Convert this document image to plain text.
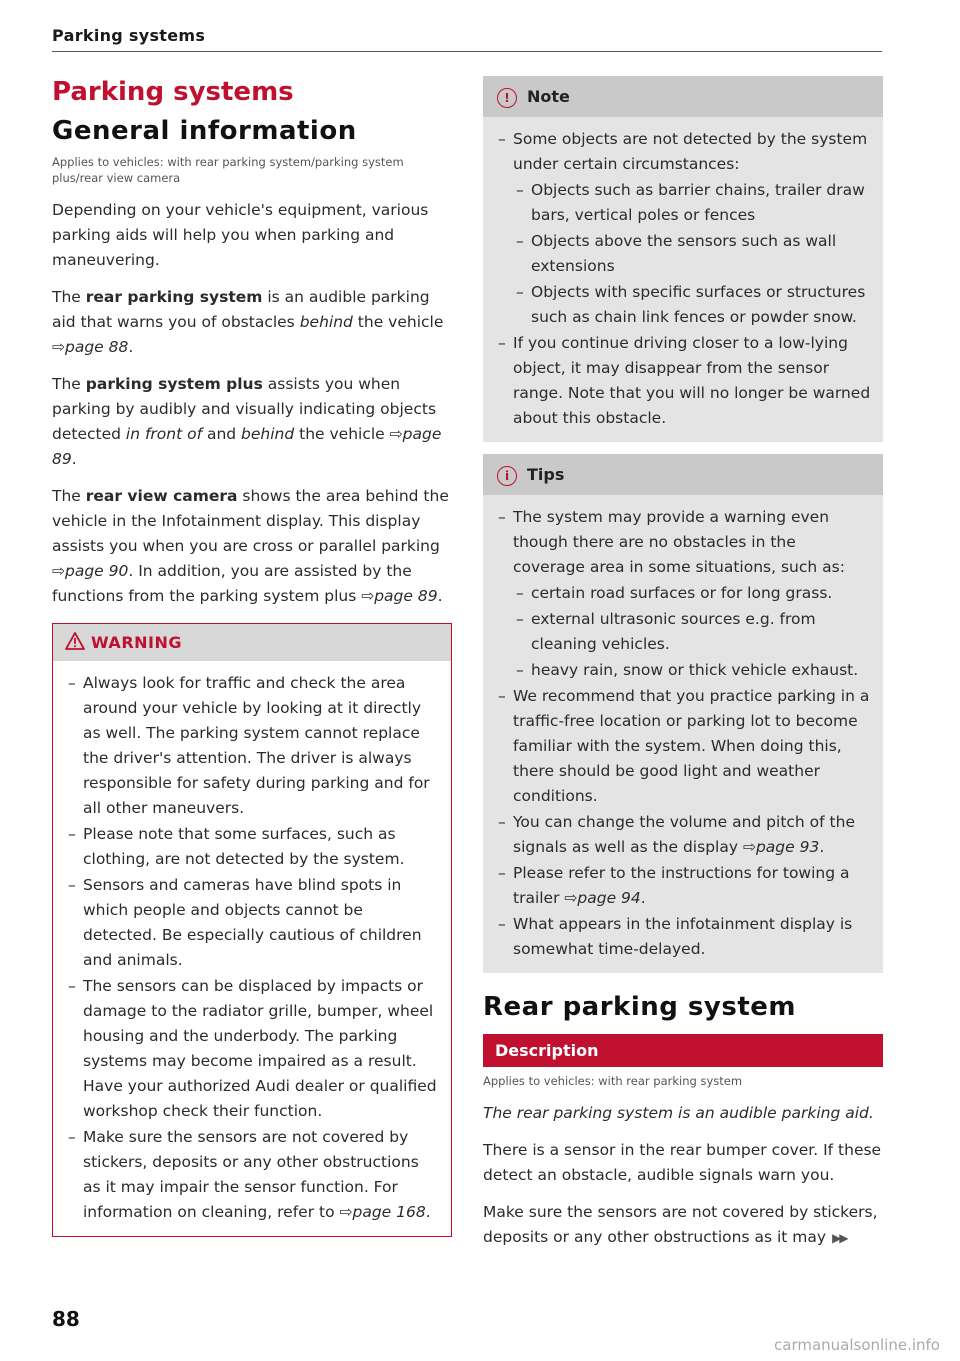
Parking systems
Parking systems
General information
Applies to vehicles: with rear parking system/parking system plus/rear view camera

Depending on your vehicle's equipment, various parking aids will help you when parking and maneuvering.

The rear parking system is an audible parking aid that warns you of obstacles behind the vehicle ⇨page 88.

The parking system plus assists you when parking by audibly and visually indicating objects detected in front of and behind the vehicle ⇨page 89.

The rear view camera shows the area behind the vehicle in the Infotainment display. This display assists you when you are cross or parallel parking ⇨page 90. In addition, you are assisted by the functions from the parking system plus ⇨page 89.

WARNING
– Always look for traffic and check the area around your vehicle by looking at it directly as well. The parking system cannot replace the driver's attention. The driver is always responsible for safety during parking and for all other maneuvers.
– Please note that some surfaces, such as clothing, are not detected by the system.
– Sensors and cameras have blind spots in which people and objects cannot be detected. Be especially cautious of children and animals.
– The sensors can be displaced by impacts or damage to the radiator grille, bumper, wheel housing and the underbody. The parking systems may become impaired as a result. Have your authorized Audi dealer or qualified workshop check their function.
– Make sure the sensors are not covered by stickers, deposits or any other obstructions as it may impair the sensor function. For information on cleaning, refer to ⇨page 168.
! Note
– Some objects are not detected by the system under certain circumstances:
– Objects such as barrier chains, trailer draw bars, vertical poles or fences
– Objects above the sensors such as wall extensions
– Objects with specific surfaces or structures such as chain link fences or powder snow.
– If you continue driving closer to a low-lying object, it may disappear from the sensor range. Note that you will no longer be warned about this obstacle.
i Tips
– The system may provide a warning even though there are no obstacles in the coverage area in some situations, such as:
– certain road surfaces or for long grass.
– external ultrasonic sources e.g. from cleaning vehicles.
– heavy rain, snow or thick vehicle exhaust.
– We recommend that you practice parking in a traffic-free location or parking lot to become familiar with the system. When doing this, there should be good light and weather conditions.
– You can change the volume and pitch of the signals as well as the display ⇨page 93.
– Please refer to the instructions for towing a trailer ⇨page 94.
– What appears in the infotainment display is somewhat time-delayed.
Rear parking system
Description
Applies to vehicles: with rear parking system

The rear parking system is an audible parking aid.

There is a sensor in the rear bumper cover. If these detect an obstacle, audible signals warn you.

Make sure the sensors are not covered by stickers, deposits or any other obstructions as it may ▶▶

88
carmanualsonline.info
